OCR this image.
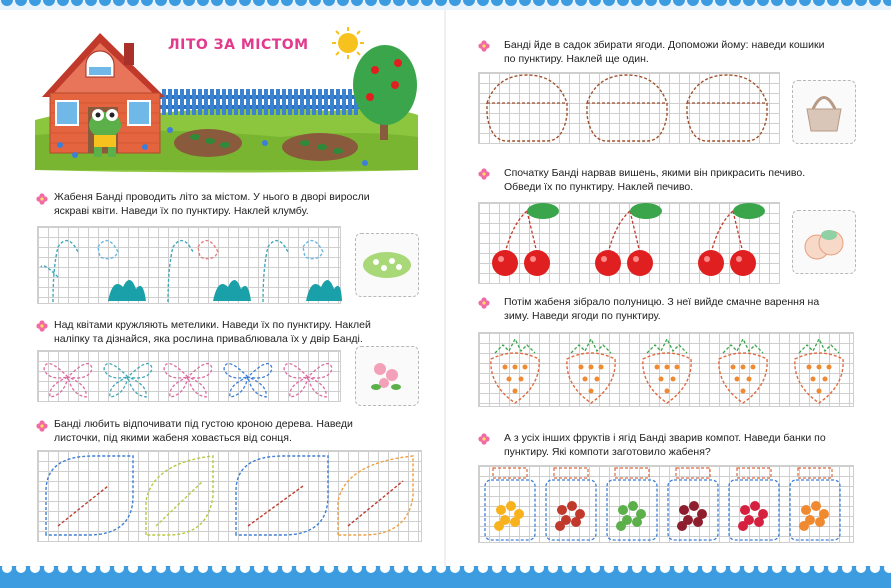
ЛІТО ЗА МІСТОМ
Жабеня Банді проводить літо за містом. У нього в дворі виросли яскраві квіти. Наведи їх по пунктиру. Наклей клумбу.
Над квітами кружляють метелики. Наведи їх по пунктиру. Наклей наліпку та дізнайся, яка рослина приваблювала їх у двір Банді.
Банді любить відпочивати під густою кроною дерева. Наведи листочки, під якими жабеня ховається від сонця.
Банді йде в садок збирати ягоди. Допоможи йому: наведи кошики по пунктиру. Наклей ще один.
Спочатку Банді нарвав вишень, якими він прикрасить печиво. Обведи їх по пунктиру. Наклей печиво.
Потім жабеня зібрало полуницю. З неї вийде смачне варення на зиму. Наведи ягоди по пунктиру.
А з усіх інших фруктів і ягід Банді зварив компот. Наведи банки по пунктиру. Які компоти заготовило жабеня?
